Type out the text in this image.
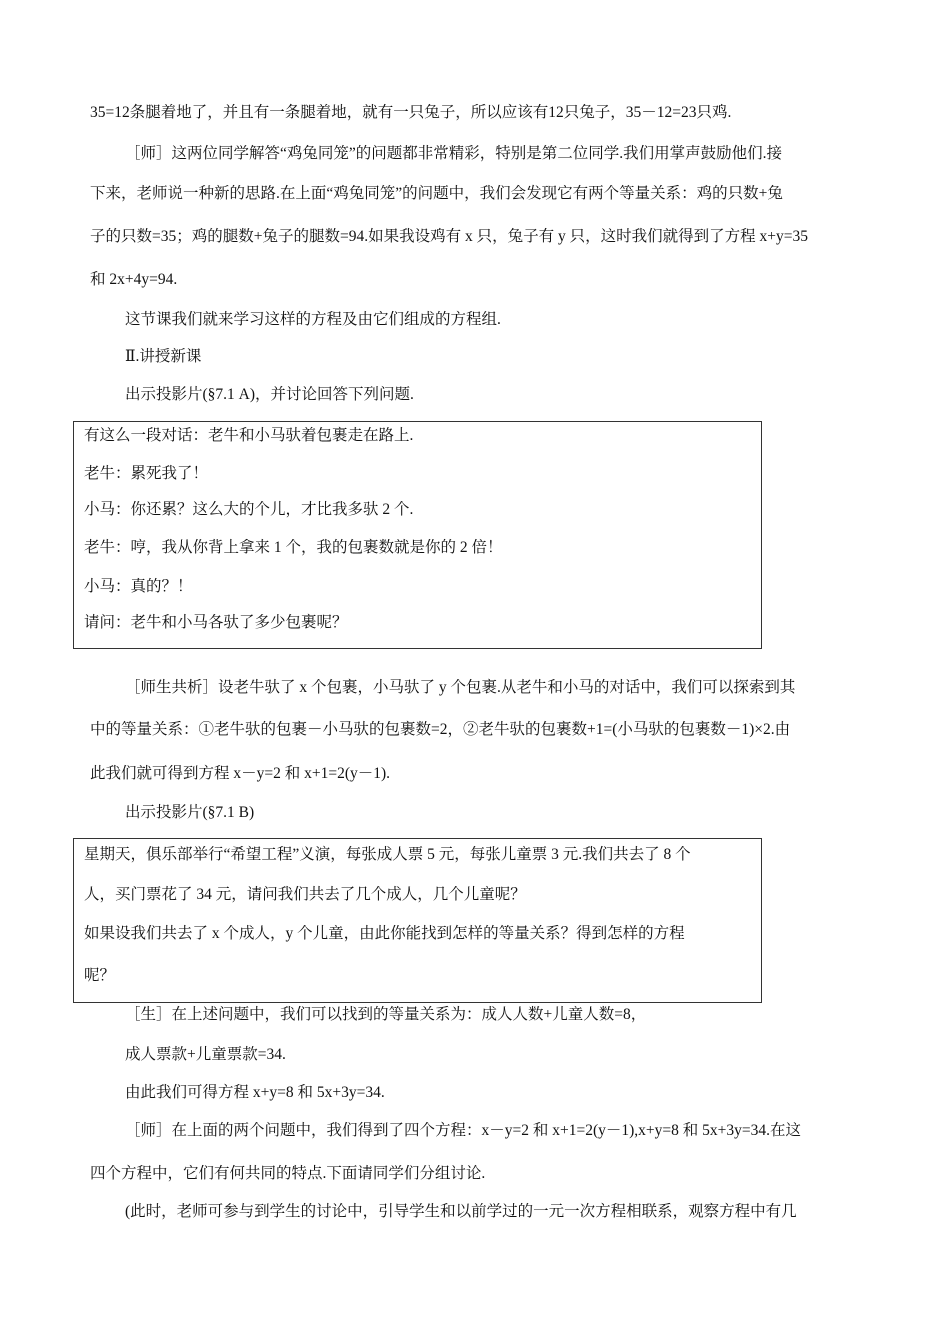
35=12条腿着地了，并且有一条腿着地，就有一只兔子，所以应该有12只兔子，35－12=23只鸡.
［师］这两位同学解答“鸡兔同笼”的问题都非常精彩，特别是第二位同学.我们用掌声鼓励他们.接
下来，老师说一种新的思路.在上面“鸡兔同笼”的问题中，我们会发现它有两个等量关系：鸡的只数+兔
子的只数=35；鸡的腿数+兔子的腿数=94.如果我设鸡有 x 只，兔子有 y 只，这时我们就得到了方程 x+y=35
和 2x+4y=94.
这节课我们就来学习这样的方程及由它们组成的方程组.
Ⅱ.讲授新课
出示投影片(§7.1 A)，并讨论回答下列问题.
有这么一段对话：老牛和小马驮着包裹走在路上.
老牛：累死我了！
小马：你还累？这么大的个儿，才比我多驮 2 个.
老牛：哼，我从你背上拿来 1 个，我的包裹数就是你的 2 倍！
小马：真的？！
请问：老牛和小马各驮了多少包裹呢？
［师生共析］设老牛驮了 x 个包裹，小马驮了 y 个包裹.从老牛和小马的对话中，我们可以探索到其
中的等量关系：①老牛驮的包裹－小马驮的包裹数=2，②老牛驮的包裹数+1=(小马驮的包裹数－1)×2.由
此我们就可得到方程 x－y=2 和 x+1=2(y－1).
出示投影片(§7.1 B)
星期天，俱乐部举行“希望工程”义演，每张成人票 5 元，每张儿童票 3 元.我们共去了 8 个
人，买门票花了 34 元，请问我们共去了几个成人，几个儿童呢？
如果设我们共去了 x 个成人，y 个儿童，由此你能找到怎样的等量关系？得到怎样的方程
呢？
［生］在上述问题中，我们可以找到的等量关系为：成人人数+儿童人数=8，
成人票款+儿童票款=34.
由此我们可得方程 x+y=8 和 5x+3y=34.
［师］在上面的两个问题中，我们得到了四个方程：x－y=2 和 x+1=2(y－1),x+y=8 和 5x+3y=34.在这
四个方程中，它们有何共同的特点.下面请同学们分组讨论.
(此时，老师可参与到学生的讨论中，引导学生和以前学过的一元一次方程相联系，观察方程中有几
